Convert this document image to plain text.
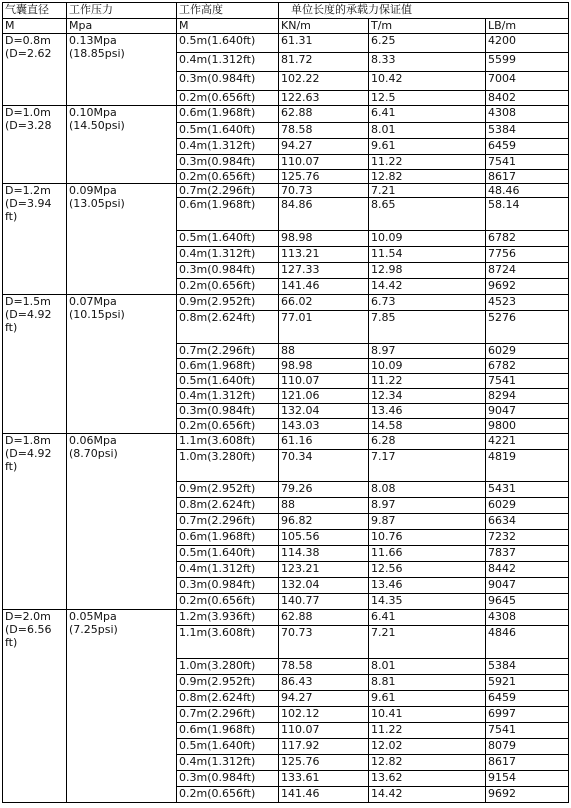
气囊直径	工作压力	工作高度	单位长度的承载力保证值		
M	Mpa	M	KN/m	T/m	LB/m

D=0.8m
(D=2.62	0.13Mpa
(18.85psi)	0.5m(1.640ft)	61.31	6.25	4200
		0.4m(1.312ft)	81.72	8.33	5599
		0.3m(0.984ft)	102.22	10.42	7004
		0.2m(0.656ft)	122.63	12.5	8402

D=1.0m
(D=3.28	0.10Mpa
(14.50psi)	0.6m(1.968ft)	62.88	6.41	4308
		0.5m(1.640ft)	78.58	8.01	5384
		0.4m(1.312ft)	94.27	9.61	6459
		0.3m(0.984ft)	110.07	11.22	7541
		0.2m(0.656ft)	125.76	12.82	8617

D=1.2m
(D=3.94
ft)	0.09Mpa
(13.05psi)	0.7m(2.296ft)	70.73	7.21	48.46
		0.6m(1.968ft)	84.86	8.65	58.14
		0.5m(1.640ft)	98.98	10.09	6782
		0.4m(1.312ft)	113.21	11.54	7756
		0.3m(0.984ft)	127.33	12.98	8724
		0.2m(0.656ft)	141.46	14.42	9692

D=1.5m
(D=4.92
ft)	0.07Mpa
(10.15psi)	0.9m(2.952ft)	66.02	6.73	4523
		0.8m(2.624ft)	77.01	7.85	5276
		0.7m(2.296ft)	88	8.97	6029
		0.6m(1.968ft)	98.98	10.09	6782
		0.5m(1.640ft)	110.07	11.22	7541
		0.4m(1.312ft)	121.06	12.34	8294
		0.3m(0.984ft)	132.04	13.46	9047
		0.2m(0.656ft)	143.03	14.58	9800

D=1.8m
(D=4.92
ft)	0.06Mpa
(8.70psi)	1.1m(3.608ft)	61.16	6.28	4221
		1.0m(3.280ft)	70.34	7.17	4819
		0.9m(2.952ft)	79.26	8.08	5431
		0.8m(2.624ft)	88	8.97	6029
		0.7m(2.296ft)	96.82	9.87	6634
		0.6m(1.968ft)	105.56	10.76	7232
		0.5m(1.640ft)	114.38	11.66	7837
		0.4m(1.312ft)	123.21	12.56	8442
		0.3m(0.984ft)	132.04	13.46	9047
		0.2m(0.656ft)	140.77	14.35	9645

D=2.0m
(D=6.56
ft)	0.05Mpa
(7.25psi)	1.2m(3.936ft)	62.88	6.41	4308
		1.1m(3.608ft)	70.73	7.21	4846
		1.0m(3.280ft)	78.58	8.01	5384
		0.9m(2.952ft)	86.43	8.81	5921
		0.8m(2.624ft)	94.27	9.61	6459
		0.7m(2.296ft)	102.12	10.41	6997
		0.6m(1.968ft)	110.07	11.22	7541
		0.5m(1.640ft)	117.92	12.02	8079
		0.4m(1.312ft)	125.76	12.82	8617
		0.3m(0.984ft)	133.61	13.62	9154
		0.2m(0.656ft)	141.46	14.42	9692
